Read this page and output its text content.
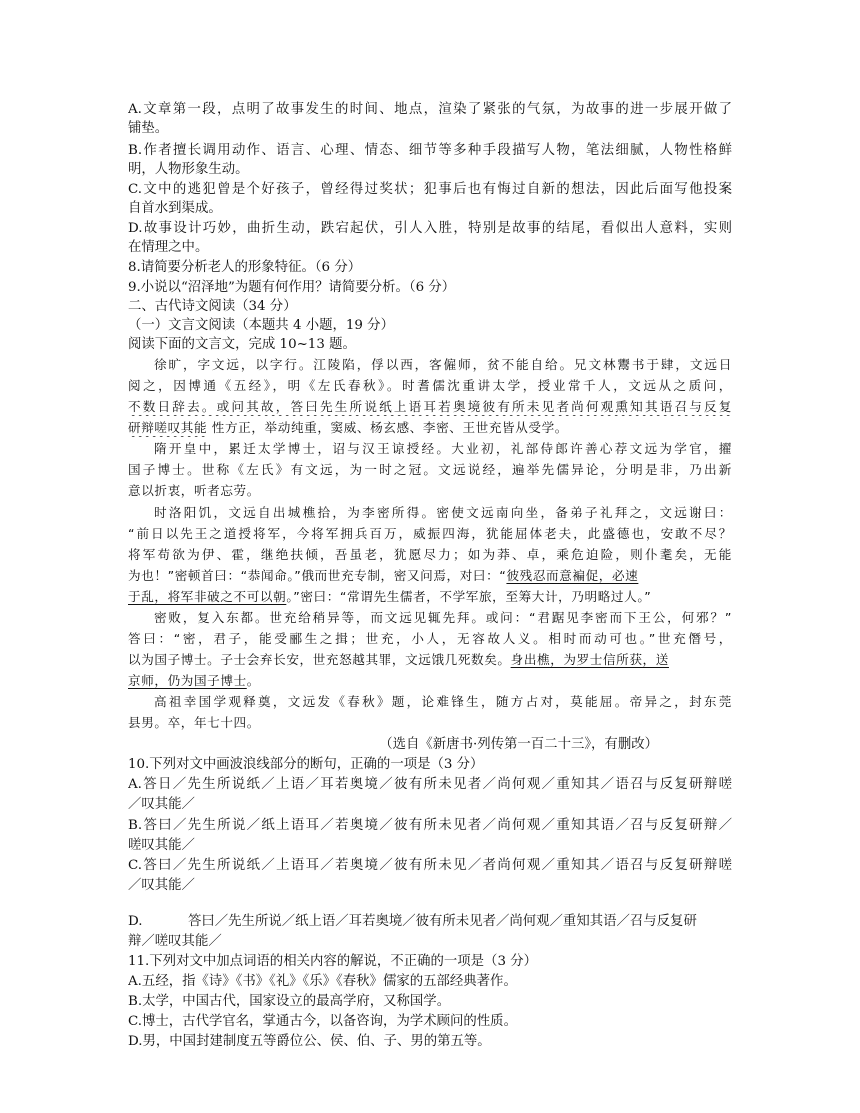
A.文章第一段，点明了故事发生的时间、地点，渲染了紧张的气氛，为故事的进一步展开做了
铺垫。
B.作者擅长调用动作、语言、心理、情态、细节等多种手段描写人物，笔法细腻，人物性格鲜
明，人物形象生动。
C.文中的逃犯曾是个好孩子，曾经得过奖状；犯事后也有悔过自新的想法，因此后面写他投案
自首水到渠成。
D.故事设计巧妙，曲折生动，跌宕起伏，引人入胜，特别是故事的结尾，看似出人意料，实则
在情理之中。
8.请简要分析老人的形象特征。（6 分）
9.小说以“沼泽地”为题有何作用？请简要分析。（6 分）
二、古代诗文阅读（34 分）
（一）文言文阅读（本题共 4 小题，19 分）
阅读下面的文言文，完成 10~13 题。
徐旷，字文远，以字行。江陵陷，俘以西，客僱师，贫不能自给。兄文林鬻书于肆，文远日
阅之，因博通《五经》，明《左氏春秋》。时耆儒沈重讲太学，授业常千人，文远从之质问，
不数日辞去。或问其故，答曰先生所说纸上语耳若奥境彼有所未见者尚何观熏知其语召与反复
研辩嗟叹其能 性方正，举动纯重，窦威、杨玄感、李密、王世充皆从受学。
隋开皇中，累迁太学博士，诏与汉王谅授经。大业初，礼部侍郎许善心荐文远为学官，擢
国子博士。世称《左氏》有文远，为一时之冠。文远说经，遍举先儒异论，分明是非，乃出新
意以折衷，听者忘劳。
时洛阳饥，文远自出城樵拾，为李密所得。密使文远南向坐，备弟子礼拜之，文远谢曰：
“前日以先王之道授将军，今将军拥兵百万，威振四海，犹能屈体老夫，此盛德也，安敢不尽？
将军苟欲为伊、霍，继绝扶倾，吾虽老，犹愿尽力；如为莽、卓，乘危迫险，则仆耄矣，无能
为也！”密顿首曰：“恭闻命。”俄而世充专制，密又问焉，对曰：“彼残忍而意褊促，必速
于乱，将军非破之不可以朝。”密曰：“常谓先生儒者，不学军旅，至筹大计，乃明略过人。”
密败，复入东都。世充给稍异等，而文远见辄先拜。或问：“君踞见李密而下王公，何邪？”
答曰：“密，君子，能受郦生之揖；世充，小人，无容故人义。相时而动可也。”世充僭号，
以为国子博士。子士会弃长安，世充怒越其罪，文远饿几死数矣。身出樵，为罗士信所获，送
京师，仍为国子博士。
高祖幸国学观释奠，文远发《春秋》题，论难锋生，随方占对，莫能屈。帝异之，封东莞
县男。卒，年七十四。
（选自《新唐书·列传第一百二十三》，有删改）
10.下列对文中画波浪线部分的断句，正确的一项是（3 分）
A.答日／先生所说纸／上语／耳若奥境／彼有所未见者／尚何观／重知其／语召与反复研辩嗟
／叹其能／
B.答曰／先生所说／纸上语耳／若奥境／彼有所未见者／尚何观／重知其语／召与反复研辩／
嗟叹其能／
C.答曰／先生所说纸／上语耳／若奥境／彼有所未见／者尚何观／重知其／语召与反复研辩嗟
／叹其能／
D.	答曰／先生所说／纸上语／耳若奥境／彼有所未见者／尚何观／重知其语／召与反复研
辩／嗟叹其能／
11.下列对文中加点词语的相关内容的解说，不正确的一项是（3 分）
A.五经，指《诗》《书》《礼》《乐》《春秋》儒家的五部经典著作。
B.太学，中国古代，国家设立的最高学府，又称国学。
C.博士，古代学官名，掌通古今，以备咨询，为学术顾问的性质。
D.男，中国封建制度五等爵位公、侯、伯、子、男的第五等。
